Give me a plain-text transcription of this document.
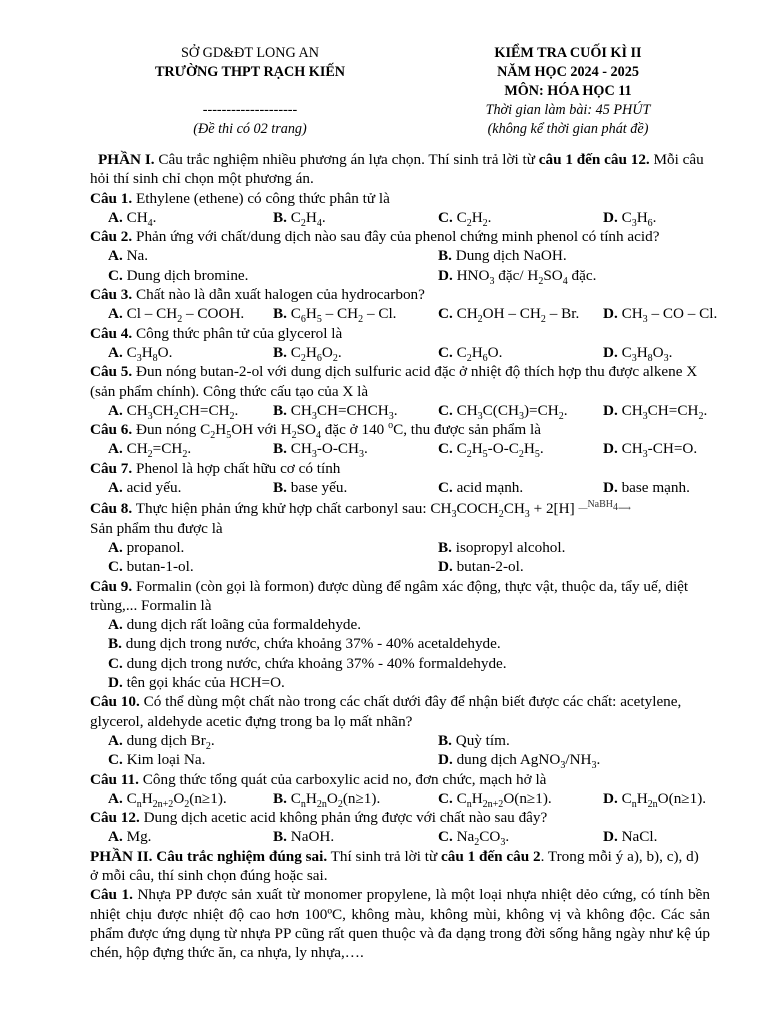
SỞ GD&ĐT LONG AN
TRƯỜNG THPT RẠCH KIẾN
--------------------
(Đề thi có 02 trang)
KIỂM TRA CUỐI KÌ II
NĂM HỌC 2024 - 2025
MÔN: HÓA HỌC 11
Thời gian làm bài: 45 PHÚT
(không kể thời gian phát đề)
PHẦN I. Câu trắc nghiệm nhiều phương án lựa chọn. Thí sinh trả lời từ câu 1 đến câu 12. Mỗi câu hỏi thí sinh chỉ chọn một phương án.
Câu 1. Ethylene (ethene) có công thức phân tử là
A. $CH_4$.	B. $C_2H_4$.	C. $C_2H_2$.	D. $C_3H_6$.
Câu 2. Phản ứng với chất/dung dịch nào sau đây của phenol chứng minh phenol có tính acid?
A. Na.	B. Dung dịch NaOH.
C. Dung dịch bromine.	D. $HNO_3$ đặc/ $H_2SO_4$ đặc.
Câu 3. Chất nào là dẫn xuất halogen của hydrocarbon?
A. Cl – $CH_2$ – COOH. B. $C_6H_5 - CH_2$ – Cl.	C. $CH_2OH - CH_2$ – Br. D. $CH_3$ – CO – Cl.
Câu 4. Công thức phân tử của glycerol là
A. $C_3H_8O$.	B. $C_2H_6O_2$.	C. $C_2H_6O$.	D. $C_3H_8O_3$.
Câu 5. Đun nóng butan-2-ol với dung dịch sulfuric acid đặc ở nhiệt độ thích hợp thu được alkene X (sản phẩm chính). Công thức cấu tạo của X là
A. $CH_3CH_2CH=CH_2$. B. $CH_3CH=CHCH_3$.	C. $CH_3C(CH_3)=CH_2$. D. $CH_3CH=CH_2$.
Câu 6. Đun nóng $C_2H_5OH$ với $H_2SO_4$ đặc ở 140 $^o$C, thu được sản phẩm là
A. $CH_2=CH_2$.	B. $CH_3-O-CH_3$.	C. $C_2H_5-O-C_2H_5$.	D. $CH_3-CH=O$.
Câu 7. Phenol là hợp chất hữu cơ có tính
A. acid yếu.	B. base yếu.	C. acid mạnh.	D. base mạnh.
Câu 8. Thực hiện phản ứng khử hợp chất carbonyl sau: $CH_3COCH_2CH_3 + 2[H]$ —$^{NaBH_4}$⟶
Sản phẩm thu được là
A. propanol.	B. isopropyl alcohol.
C. butan-1-ol.	D. butan-2-ol.
Câu 9. Formalin (còn gọi là formon) được dùng để ngâm xác động, thực vật, thuộc da, tẩy uế, diệt trùng,... Formalin là
A. dung dịch rất loãng của formaldehyde.
B. dung dịch trong nước, chứa khoảng 37% - 40% acetaldehyde.
C. dung dịch trong nước, chứa khoảng 37% - 40% formaldehyde.
D. tên gọi khác của HCH=O.
Câu 10. Có thể dùng một chất nào trong các chất dưới đây để nhận biết được các chất: acetylene, glycerol, aldehyde acetic đựng trong ba lọ mất nhãn?
A. dung dịch $Br_2$.	B. Quỳ tím.
C. Kim loại Na.	D. dung dịch $AgNO_3/NH_3$.
Câu 11. Công thức tổng quát của carboxylic acid no, đơn chức, mạch hở là
A. $C_nH_{2n+2}O_2(n\ge 1)$.	B. $C_nH_{2n}O_2(n\ge 1)$.	C. $C_nH_{2n+2}O(n\ge 1)$.	D. $C_nH_{2n}O(n\ge 1)$.
Câu 12. Dung dịch acetic acid không phản ứng được với chất nào sau đây?
A. Mg.	B. NaOH.	C. $Na_2CO_3$.	D. NaCl.
PHẦN II. Câu trắc nghiệm đúng sai. Thí sinh trả lời từ câu 1 đến câu 2. Trong mỗi ý a), b), c), d) ở mỗi câu, thí sinh chọn đúng hoặc sai.
Câu 1. Nhựa PP được sản xuất từ monomer propylene, là một loại nhựa nhiệt dẻo cứng, có tính bền nhiệt chịu được nhiệt độ cao hơn 100ºC, không màu, không mùi, không vị và không độc. Các sản phẩm được ứng dụng từ nhựa PP cũng rất quen thuộc và đa dạng trong đời sống hằng ngày như kệ úp chén, hộp đựng thức ăn, ca nhựa, ly nhựa,….
